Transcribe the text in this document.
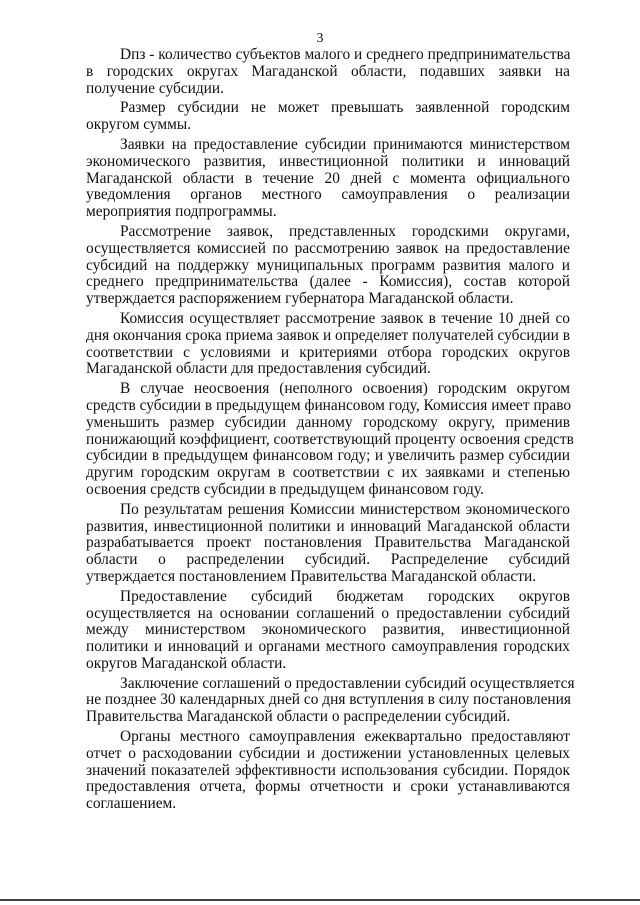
3
Dпз - количество субъектов малого и среднего предпринимательства
в городских округах Магаданской области, подавших заявки на
получение субсидии.
Размер субсидии не может превышать заявленной городским
округом суммы.
Заявки на предоставление субсидии принимаются министерством
экономического развития, инвестиционной политики и инноваций
Магаданской области в течение 20 дней с момента официального
уведомления органов местного самоуправления о реализации
мероприятия подпрограммы.
Рассмотрение заявок, представленных городскими округами,
осуществляется комиссией по рассмотрению заявок на предоставление
субсидий на поддержку муниципальных программ развития малого и
среднего предпринимательства (далее - Комиссия), состав которой
утверждается распоряжением губернатора Магаданской области.
Комиссия осуществляет рассмотрение заявок в течение 10 дней со
дня окончания срока приема заявок и определяет получателей субсидии в
соответствии с условиями и критериями отбора городских округов
Магаданской области для предоставления субсидий.
В случае неосвоения (неполного освоения) городским округом
средств субсидии в предыдущем финансовом году, Комиссия имеет право
уменьшить размер субсидии данному городскому округу, применив
понижающий коэффициент, соответствующий проценту освоения средств
субсидии в предыдущем финансовом году; и увеличить размер субсидии
другим городским округам в соответствии с их заявками и степенью
освоения средств субсидии в предыдущем финансовом году.
По результатам решения Комиссии министерством экономического
развития, инвестиционной политики и инноваций Магаданской области
разрабатывается проект постановления Правительства Магаданской
области о распределении субсидий. Распределение субсидий
утверждается постановлением Правительства Магаданской области.
Предоставление субсидий бюджетам городских округов
осуществляется на основании соглашений о предоставлении субсидий
между министерством экономического развития, инвестиционной
политики и инноваций и органами местного самоуправления городских
округов Магаданской области.
Заключение соглашений о предоставлении субсидий осуществляется
не позднее 30 календарных дней со дня вступления в силу постановления
Правительства Магаданской области о распределении субсидий.
Органы местного самоуправления ежеквартально предоставляют
отчет о расходовании субсидии и достижении установленных целевых
значений показателей эффективности использования субсидии. Порядок
предоставления отчета, формы отчетности и сроки устанавливаются
соглашением.
